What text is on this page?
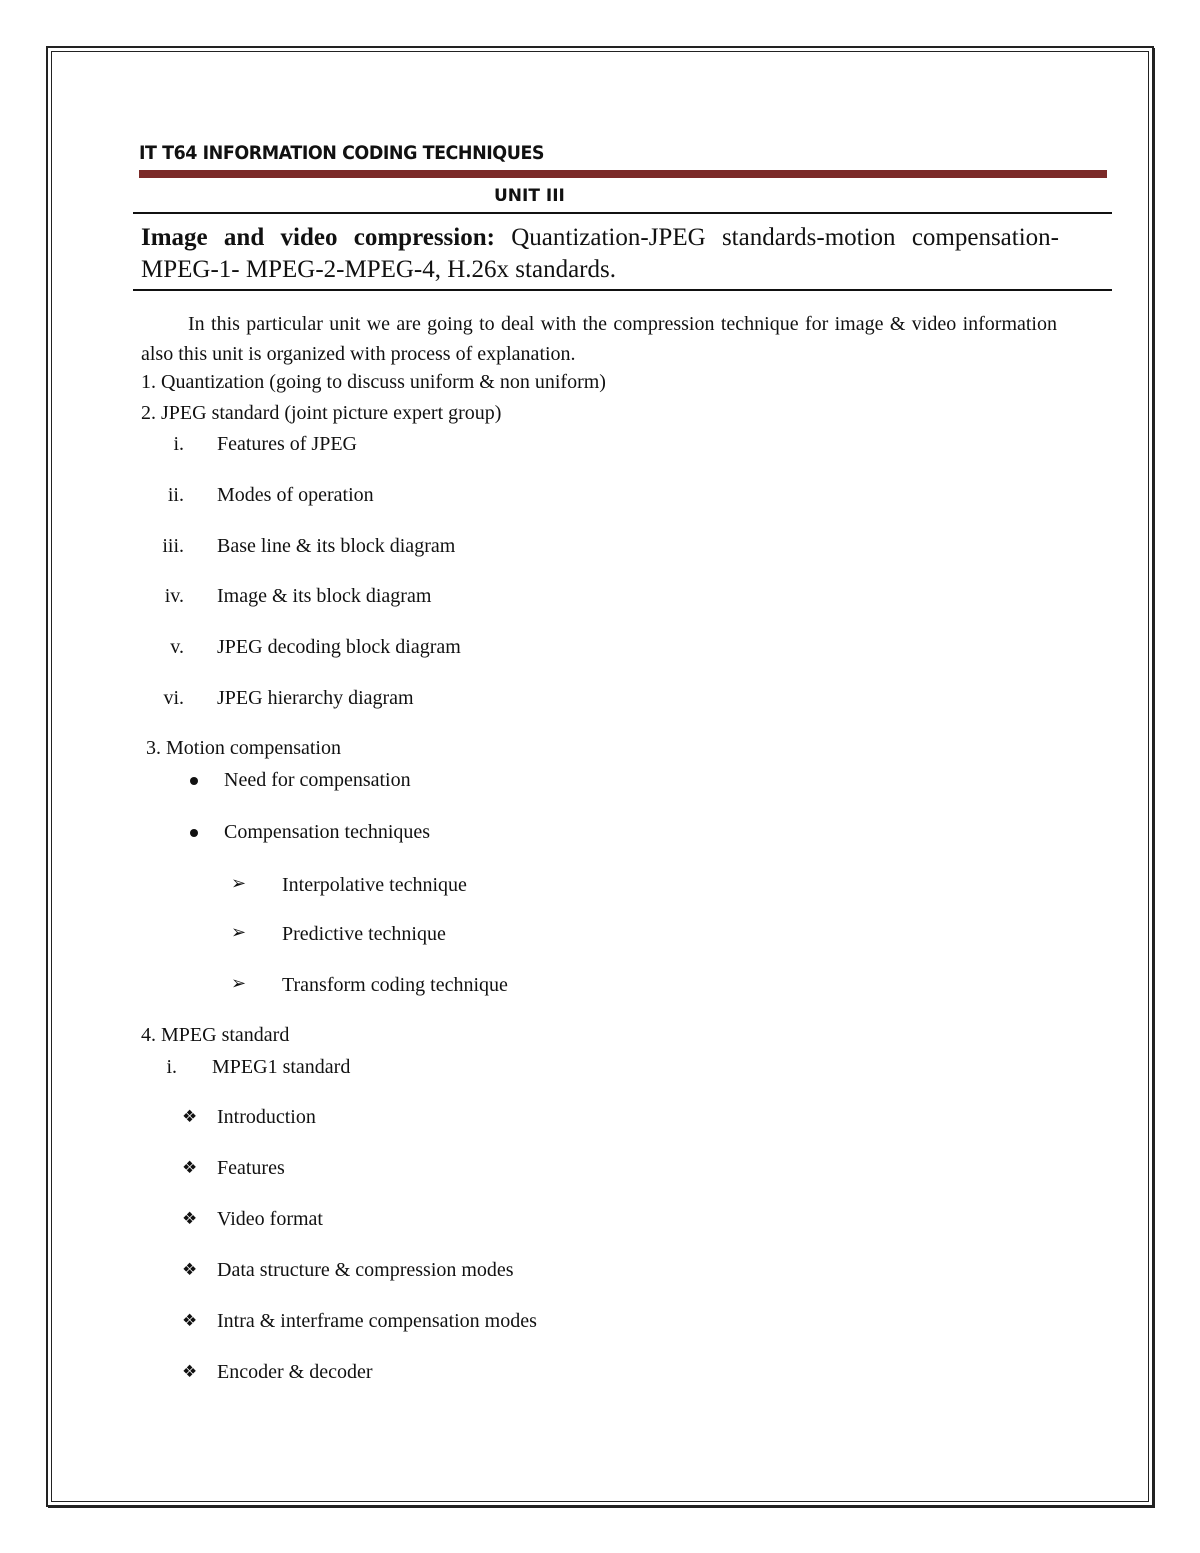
IT T64 INFORMATION CODING TECHNIQUES
UNIT III
Image and video compression: Quantization-JPEG standards-motion compensation-MPEG-1- MPEG-2-MPEG-4, H.26x standards.
In this particular unit we are going to deal with the compression technique for image & video information also this unit is organized with process of explanation.
1. Quantization (going to discuss uniform & non uniform)
2. JPEG standard (joint picture expert group)
i. Features of JPEG
ii. Modes of operation
iii. Base line & its block diagram
iv. Image & its block diagram
v. JPEG decoding block diagram
vi. JPEG hierarchy diagram
3. Motion compensation
Need for compensation
Compensation techniques
➢ Interpolative technique
➢ Predictive technique
➢ Transform coding technique
4. MPEG standard
i. MPEG1 standard
❖ Introduction
❖ Features
❖ Video format
❖ Data structure & compression modes
❖ Intra & interframe compensation modes
❖ Encoder & decoder
